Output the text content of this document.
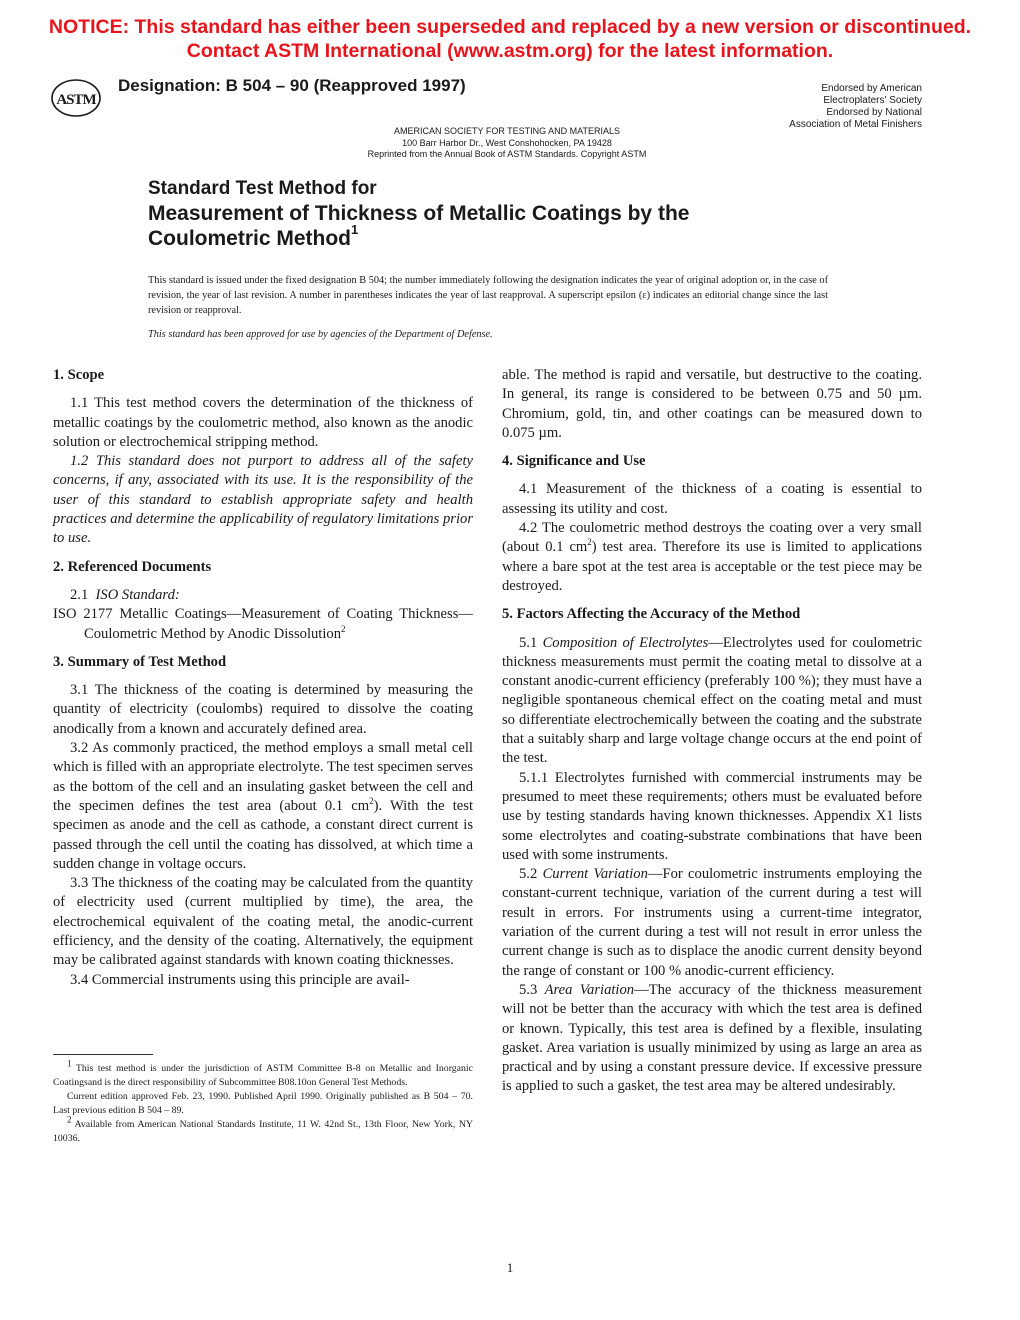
NOTICE: This standard has either been superseded and replaced by a new version or discontinued.
Contact ASTM International (www.astm.org) for the latest information.
ASTM
Designation: B 504 – 90 (Reapproved 1997)	Endorsed by American
Electroplaters' Society
Endorsed by National
Association of Metal Finishers
AMERICAN SOCIETY FOR TESTING AND MATERIALS
100 Barr Harbor Dr., West Conshohocken, PA 19428
Reprinted from the Annual Book of ASTM Standards. Copyright ASTM
Standard Test Method for
Measurement of Thickness of Metallic Coatings by the
Coulometric Method$^1$
This standard is issued under the fixed designation B 504; the number immediately following the designation indicates the year of original adoption or, in the case of revision, the year of last revision. A number in parentheses indicates the year of last reapproval. A superscript epsilon (ε) indicates an editorial change since the last revision or reapproval.
This standard has been approved for use by agencies of the Department of Defense.
1. Scope

1.1 This test method covers the determination of the thickness of metallic coatings by the coulometric method, also known as the anodic solution or electrochemical stripping method.

1.2 This standard does not purport to address all of the safety concerns, if any, associated with its use. It is the responsibility of the user of this standard to establish appropriate safety and health practices and determine the applicability of regulatory limitations prior to use.

2. Referenced Documents

2.1 ISO Standard:

ISO 2177 Metallic Coatings—Measurement of Coating Thickness—Coulometric Method by Anodic Dissolution$^2$

3. Summary of Test Method

3.1 The thickness of the coating is determined by measuring the quantity of electricity (coulombs) required to dissolve the coating anodically from a known and accurately defined area.

3.2 As commonly practiced, the method employs a small metal cell which is filled with an appropriate electrolyte. The test specimen serves as the bottom of the cell and an insulating gasket between the cell and the specimen defines the test area (about 0.1 $cm^2$). With the test specimen as anode and the cell as cathode, a constant direct current is passed through the cell until the coating has dissolved, at which time a sudden change in voltage occurs.

3.3 The thickness of the coating may be calculated from the quantity of electricity used (current multiplied by time), the area, the electrochemical equivalent of the coating metal, the anodic-current efficiency, and the density of the coating. Alternatively, the equipment may be calibrated against standards with known coating thicknesses.

3.4 Commercial instruments using this principle are avail-

$^1$ This test method is under the jurisdiction of ASTM Committee B-8 on Metallic and Inorganic Coatingsand is the direct responsibility of Subcommittee B08.10on General Test Methods.

Current edition approved Feb. 23, 1990. Published April 1990. Originally published as B 504 – 70. Last previous edition B 504 – 89.

$^2$ Available from American National Standards Institute, 11 W. 42nd St., 13th Floor, New York, NY 10036.

able. The method is rapid and versatile, but destructive to the coating. In general, its range is considered to be between 0.75 and 50 µm. Chromium, gold, tin, and other coatings can be measured down to 0.075 µm.

4. Significance and Use

4.1 Measurement of the thickness of a coating is essential to assessing its utility and cost.

4.2 The coulometric method destroys the coating over a very small (about 0.1 $cm^2$) test area. Therefore its use is limited to applications where a bare spot at the test area is acceptable or the test piece may be destroyed.

5. Factors Affecting the Accuracy of the Method

5.1 Composition of Electrolytes—Electrolytes used for coulometric thickness measurements must permit the coating metal to dissolve at a constant anodic-current efficiency (preferably 100 %); they must have a negligible spontaneous chemical effect on the coating metal and must so differentiate electrochemically between the coating and the substrate that a suitably sharp and large voltage change occurs at the end point of the test.

5.1.1 Electrolytes furnished with commercial instruments may be presumed to meet these requirements; others must be evaluated before use by testing standards having known thicknesses. Appendix X1 lists some electrolytes and coating-substrate combinations that have been used with some instruments.

5.2 Current Variation—For coulometric instruments employing the constant-current technique, variation of the current during a test will result in errors. For instruments using a current-time integrator, variation of the current during a test will not result in error unless the current change is such as to displace the anodic current density beyond the range of constant or 100 % anodic-current efficiency.

5.3 Area Variation—The accuracy of the thickness measurement will not be better than the accuracy with which the test area is defined or known. Typically, this test area is defined by a flexible, insulating gasket. Area variation is usually minimized by using as large an area as practical and by using a constant pressure device. If excessive pressure is applied to such a gasket, the test area may be altered undesirably.

1
